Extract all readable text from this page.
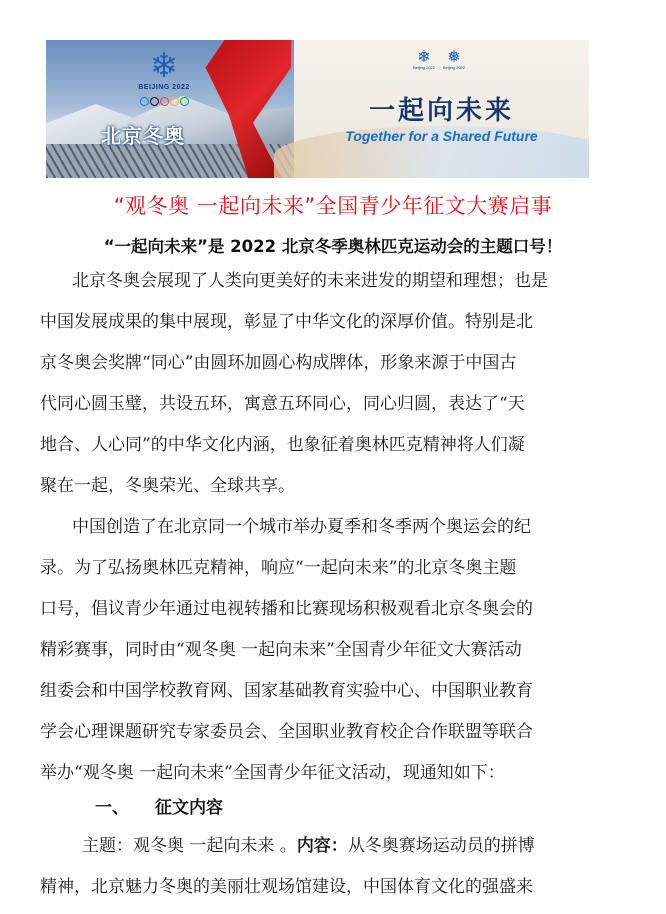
❄
BEIJING 2022
北京冬奥
❄
Beijing 2022
❅
Beijing 2022
一起向未来
Together for a Shared Future
“观冬奥 一起向未来”全国青少年征文大赛启事
“一起向未来”是 2022 北京冬季奥林匹克运动会的主题口号！
北京冬奥会展现了人类向更美好的未来进发的期望和理想；也是
中国发展成果的集中展现，彰显了中华文化的深厚价值。特别是北
京冬奥会奖牌“同心”由圆环加圆心构成牌体，形象来源于中国古
代同心圆玉璧，共设五环，寓意五环同心，同心归圆，表达了“天
地合、人心同”的中华文化内涵，也象征着奥林匹克精神将人们凝
聚在一起，冬奥荣光、全球共享。
中国创造了在北京同一个城市举办夏季和冬季两个奥运会的纪
录。为了弘扬奥林匹克精神，响应“一起向未来”的北京冬奥主题
口号，倡议青少年通过电视转播和比赛现场积极观看北京冬奥会的
精彩赛事，同时由“观冬奥 一起向未来”全国青少年征文大赛活动
组委会和中国学校教育网、国家基础教育实验中心、中国职业教育
学会心理课题研究专家委员会、全国职业教育校企合作联盟等联合
举办“观冬奥 一起向未来”全国青少年征文活动，现通知如下：
一、 征文内容
主题：观冬奥 一起向未来 。内容：从冬奥赛场运动员的拼博
精神，北京魅力冬奥的美丽壮观场馆建设，中国体育文化的强盛来
